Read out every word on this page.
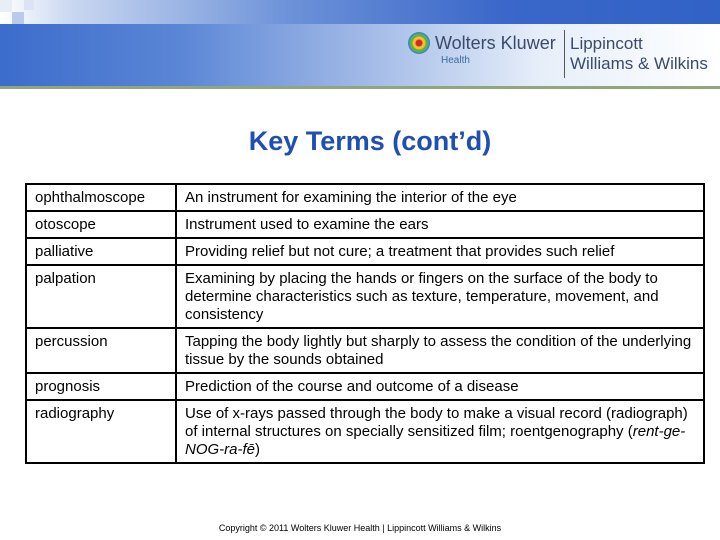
Wolters Kluwer
Health
Lippincott
Williams & Wilkins
Key Terms (cont’d)
ophthalmoscope	An instrument for examining the interior of the eye
otoscope	Instrument used to examine the ears
palliative	Providing relief but not cure; a treatment that provides such relief
palpation	Examining by placing the hands or fingers on the surface of the body to determine characteristics such as texture, temperature, movement, and consistency
percussion	Tapping the body lightly but sharply to assess the condition of the underlying tissue by the sounds obtained
prognosis	Prediction of the course and outcome of a disease
radiography	Use of x-rays passed through the body to make a visual record (radiograph) of internal structures on specially sensitized film; roentgenography (rent-ge-NOG-ra-fē)
Copyright © 2011 Wolters Kluwer Health | Lippincott Williams & Wilkins
